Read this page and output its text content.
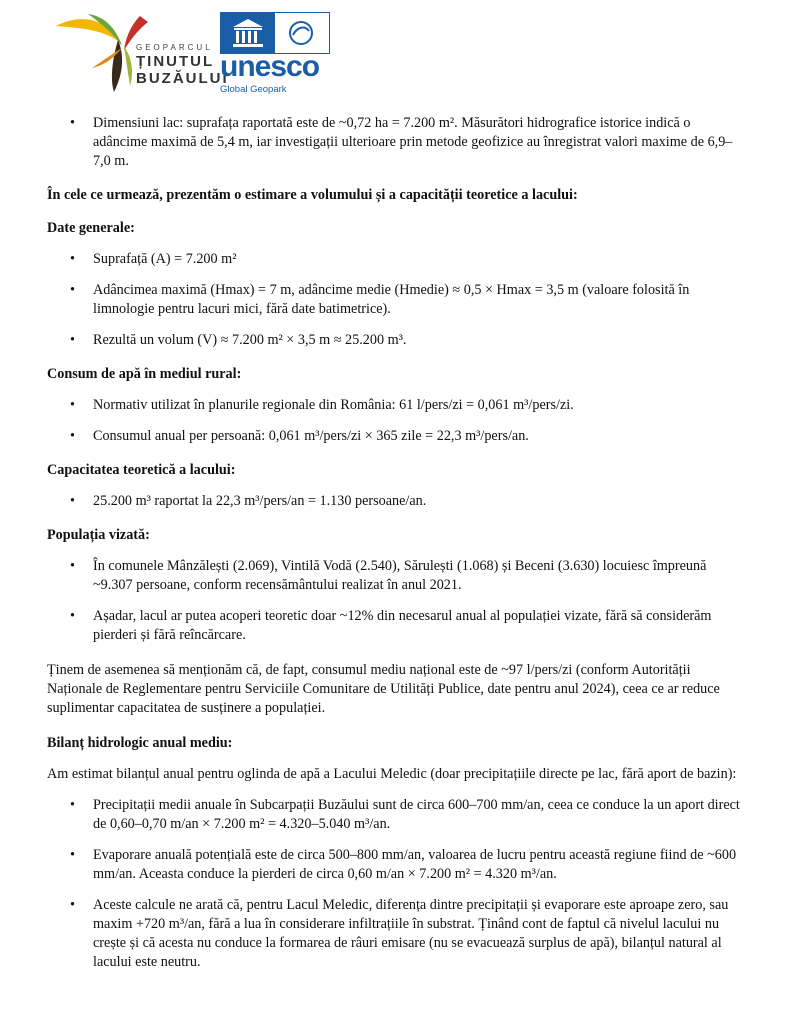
GEOPARCUL
ȚINUTUL
BUZĂULUI
unesco
Global Geopark
• Dimensiuni lac: suprafața raportată este de ~0,72 ha = 7.200 m². Măsurători hidrografice istorice indică o adâncime maximă de 5,4 m, iar investigații ulterioare prin metode geofizice au înregistrat valori maxime de 6,9–7,0 m.

În cele ce urmează, prezentăm o estimare a volumului și a capacității teoretice a lacului:

Date generale:

• Suprafață (A) = 7.200 m²
• Adâncimea maximă (Hmax) = 7 m, adâncime medie (Hmedie) ≈ 0,5 × Hmax = 3,5 m (valoare folosită în limnologie pentru lacuri mici, fără date batimetrice).
• Rezultă un volum (V) ≈ 7.200 m² × 3,5 m ≈ 25.200 m³.

Consum de apă în mediul rural:

• Normativ utilizat în planurile regionale din România: 61 l/pers/zi = 0,061 m³/pers/zi.
• Consumul anual per persoană: 0,061 m³/pers/zi × 365 zile = 22,3 m³/pers/an.

Capacitatea teoretică a lacului:

• 25.200 m³ raportat la 22,3 m³/pers/an = 1.130 persoane/an.

Populația vizată:

• În comunele Mânzălești (2.069), Vintilă Vodă (2.540), Sărulești (1.068) și Beceni (3.630) locuiesc împreună ~9.307 persoane, conform recensământului realizat în anul 2021.
• Așadar, lacul ar putea acoperi teoretic doar ~12% din necesarul anual al populației vizate, fără să considerăm pierderi și fără reîncărcare.

Ținem de asemenea să menționăm că, de fapt, consumul mediu național este de ~97 l/pers/zi (conform Autorității Naționale de Reglementare pentru Serviciile Comunitare de Utilități Publice, date pentru anul 2024), ceea ce ar reduce suplimentar capacitatea de susținere a populației.

Bilanț hidrologic anual mediu:

Am estimat bilanțul anual pentru oglinda de apă a Lacului Meledic (doar precipitațiile directe pe lac, fără aport de bazin):

• Precipitații medii anuale în Subcarpații Buzăului sunt de circa 600–700 mm/an, ceea ce conduce la un aport direct de 0,60–0,70 m/an × 7.200 m² = 4.320–5.040 m³/an.
• Evaporare anuală potențială este de circa 500–800 mm/an, valoarea de lucru pentru această regiune fiind de ~600 mm/an. Aceasta conduce la pierderi de circa 0,60 m/an × 7.200 m² = 4.320 m³/an.
• Aceste calcule ne arată că, pentru Lacul Meledic, diferența dintre precipitații și evaporare este aproape zero, sau maxim +720 m³/an, fără a lua în considerare infiltrațiile în substrat. Ținând cont de faptul că nivelul lacului nu crește și că acesta nu conduce la formarea de râuri emisare (nu se evacuează surplus de apă), bilanțul natural al lacului este neutru.
